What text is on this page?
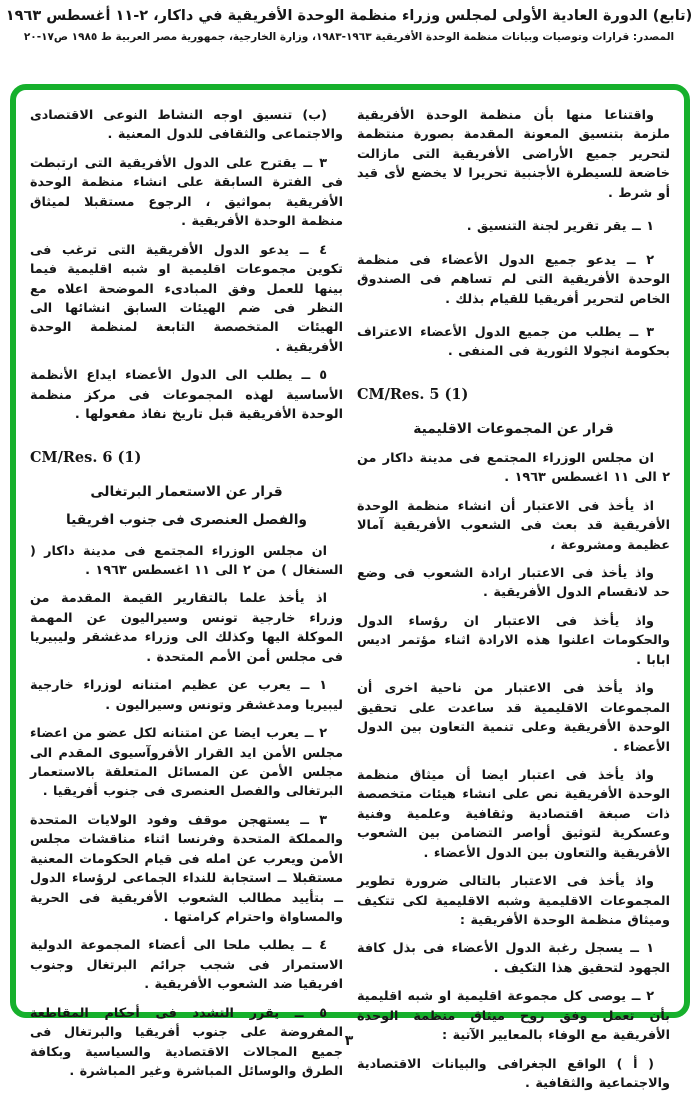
(تابع) الدورة العادية الأولى لمجلس وزراء منظمة الوحدة الأفريقية في داكار، ٢-١١ أغسطس ١٩٦٣
المصدر: قرارات وتوصيات وبيانات منظمة الوحدة الأفريقية ١٩٦٣-١٩٨٣، وزارة الخارجية، جمهورية مصر العربية ط ١٩٨٥ ص١٧-٢٠

واقتناعا منها بأن منظمة الوحدة الأفريقية ملزمة بتنسيق المعونة المقدمة بصورة منتظمة لتحرير جميع الأراضى الأفريقية التى مازالت خاضعة للسيطرة الأجنبية تحريرا لا يخضع لأى قيد أو شرط .

١ ــ يقر تقرير لجنة التنسيق .

٢ ــ يدعو جميع الدول الأعضاء فى منظمة الوحدة الأفريقية التى لم تساهم فى الصندوق الخاص لتحرير أفريقيا للقيام بذلك .

٣ ــ يطلب من جميع الدول الأعضاء الاعتراف بحكومة انجولا الثورية فى المنفى .

CM/Res. 5 (1)
قرار عن المجموعات الاقليمية

ان مجلس الوزراء المجتمع فى مدينة داكار من ٢ الى ١١ اغسطس ١٩٦٣ .

اذ يأخذ فى الاعتبار أن انشاء منظمة الوحدة الأفريقية قد بعث فى الشعوب الأفريقية آمالا عظيمة ومشروعة ،

واذ يأخذ فى الاعتبار ارادة الشعوب فى وضع حد لانقسام الدول الأفريقية .

واذ يأخذ فى الاعتبار ان رؤساء الدول والحكومات اعلنوا هذه الارادة اثناء مؤتمر اديس ابابا .

واذ يأخذ فى الاعتبار من ناحية اخرى أن المجموعات الاقليمية قد ساعدت على تحقيق الوحدة الأفريقية وعلى تنمية التعاون بين الدول الأعضاء .

واذ يأخذ فى اعتبار ايضا أن ميثاق منظمة الوحدة الأفريقية نص على انشاء هيئات متخصصة ذات صبغة اقتصادية وثقافية وعلمية وفنية وعسكرية لتوثيق أواصر التضامن بين الشعوب الأفريقية والتعاون بين الدول الأعضاء .

واذ يأخذ فى الاعتبار بالتالى ضرورة تطوير المجموعات الاقليمية وشبه الاقليمية لكى تتكيف وميثاق منظمة الوحدة الأفريقية :

١ ــ يسجل رغبة الدول الأعضاء فى بذل كافة الجهود لتحقيق هذا التكيف .

٢ ــ يوصى كل مجموعة اقليمية او شبه اقليمية بأن تعمل وفق روح ميثاق منظمة الوحدة الأفريقية مع الوفاء بالمعايير الآتية :

( أ ) الواقع الجغرافى والبيانات الاقتصادية والاجتماعية والثقافية .

(ب) تنسيق اوجه النشاط النوعى الاقتصادى والاجتماعى والثقافى للدول المعنية .

٣ ــ يقترح على الدول الأفريقية التى ارتبطت فى الفترة السابقة على انشاء منظمة الوحدة الأفريقية بمواثيق ، الرجوع مستقبلا لميثاق منظمة الوحدة الأفريقية .

٤ ــ يدعو الدول الأفريقية التى ترغب فى تكوين مجموعات اقليمية او شبه اقليمية فيما بينها للعمل وفق المبادىء الموضحة اعلاه مع النظر فى ضم الهيئات السابق انشائها الى الهيئات المتخصصة التابعة لمنظمة الوحدة الأفريقية .

٥ ــ يطلب الى الدول الأعضاء ايداع الأنظمة الأساسية لهذه المجموعات فى مركز منظمة الوحدة الأفريقية قبل تاريخ نفاذ مفعولها .

CM/Res. 6 (1)
قرار عن الاستعمار البرتغالى
والفصل العنصرى فى جنوب افريقيا

ان مجلس الوزراء المجتمع فى مدينة داكار ( السنغال ) من ٢ الى ١١ اغسطس ١٩٦٣ .

اذ يأخذ علما بالتقارير القيمة المقدمة من وزراء خارجية تونس وسيراليون عن المهمة الموكلة اليها وكذلك الى وزراء مدغشقر وليبيريا فى مجلس أمن الأمم المتحدة .

١ ــ يعرب عن عظيم امتنانه لوزراء خارجية ليبيريا ومدغشقر وتونس وسيراليون .

٢ ــ يعرب ايضا عن امتنانه لكل عضو من اعضاء مجلس الأمن ايد القرار الأفروآسيوى المقدم الى مجلس الأمن عن المسائل المتعلقة بالاستعمار البرتغالى والفصل العنصرى فى جنوب أفريقيا .

٣ ــ يستهجن موقف وفود الولايات المتحدة والمملكة المتحدة وفرنسا اثناء مناقشات مجلس الأمن ويعرب عن امله فى قيام الحكومات المعنية مستقبلا ــ استجابة للنداء الجماعى لرؤساء الدول ــ بتأييد مطالب الشعوب الأفريقية فى الحرية والمساواة واحترام كرامتها .

٤ ــ يطلب ملحا الى أعضاء المجموعة الدولية الاستمرار فى شجب جرائم البرتغال وجنوب افريقيا ضد الشعوب الأفريقية .

٥ ــ يقرر التشدد فى أحكام المقاطعة المفروضة على جنوب أفريقيا والبرتغال فى جميع المجالات الاقتصادية والسياسية وبكافة الطرق والوسائل المباشرة وغير المباشرة .

٣
